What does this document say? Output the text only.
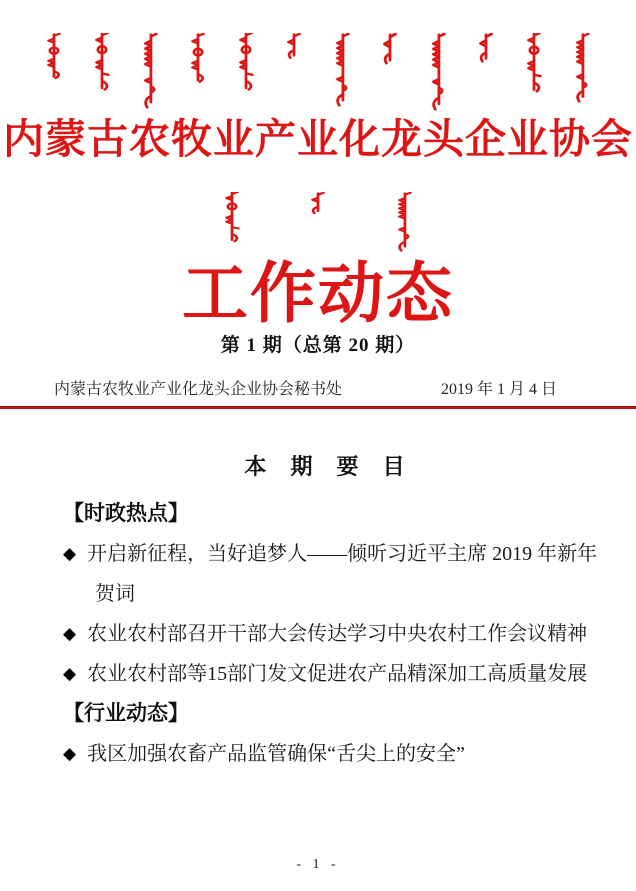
内蒙古农牧业产业化龙头企业协会
工作动态
第 1 期（总第 20 期）
内蒙古农牧业产业化龙头企业协会秘书处	2019 年 1 月 4 日
本 期 要 目
【时政热点】
◆ 开启新征程，当好追梦人——倾听习近平主席 2019 年新年
贺词
◆ 农业农村部召开干部大会传达学习中央农村工作会议精神
◆ 农业农村部等15部门发文促进农产品精深加工高质量发展
【行业动态】
◆ 我区加强农畜产品监管确保“舌尖上的安全”
- 1 -
